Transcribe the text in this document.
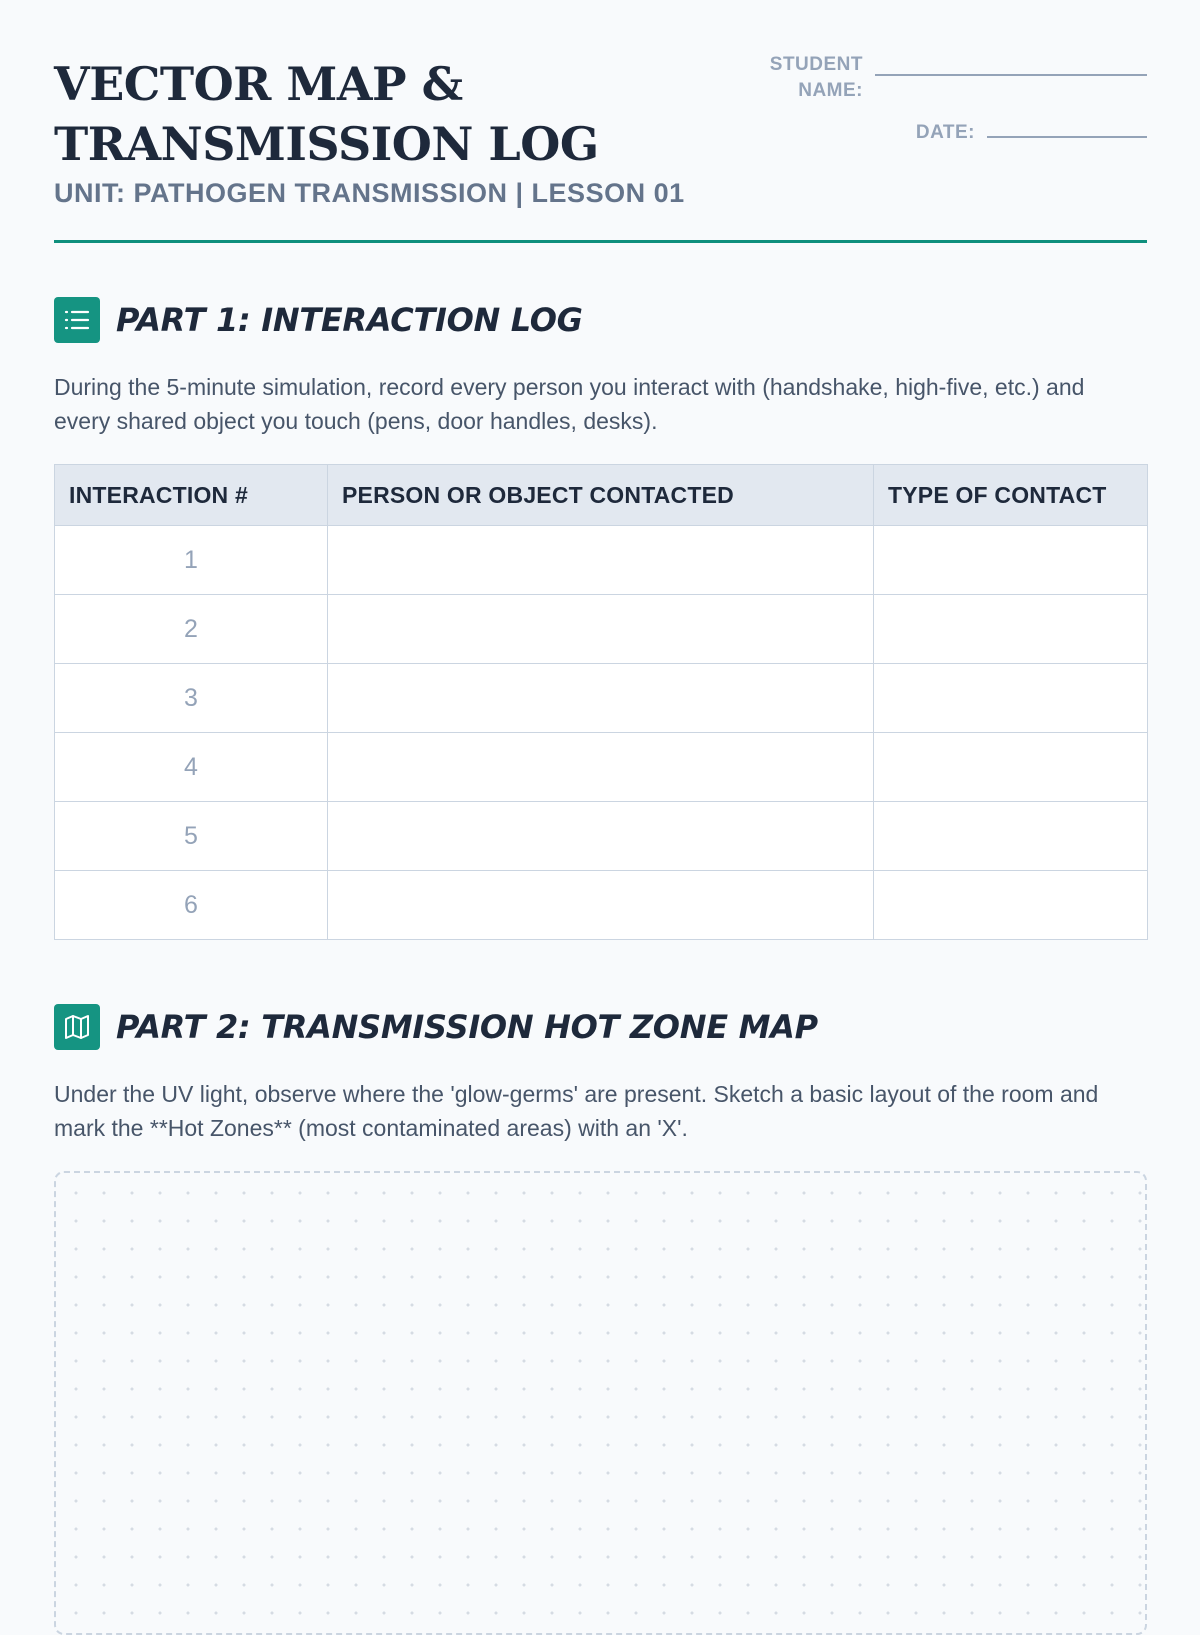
VECTOR MAP &
TRANSMISSION LOG
UNIT: PATHOGEN TRANSMISSION | LESSON 01
STUDENT
NAME:
DATE:
PART 1: INTERACTION LOG
During the 5-minute simulation, record every person you interact with (handshake, high-five, etc.) and every shared object you touch (pens, door handles, desks).
INTERACTION #	PERSON OR OBJECT CONTACTED	TYPE OF CONTACT
1		
2		
3		
4		
5		
6		
PART 2: TRANSMISSION HOT ZONE MAP
Under the UV light, observe where the 'glow-germs' are present. Sketch a basic layout of the room and mark the **Hot Zones** (most contaminated areas) with an 'X'.
